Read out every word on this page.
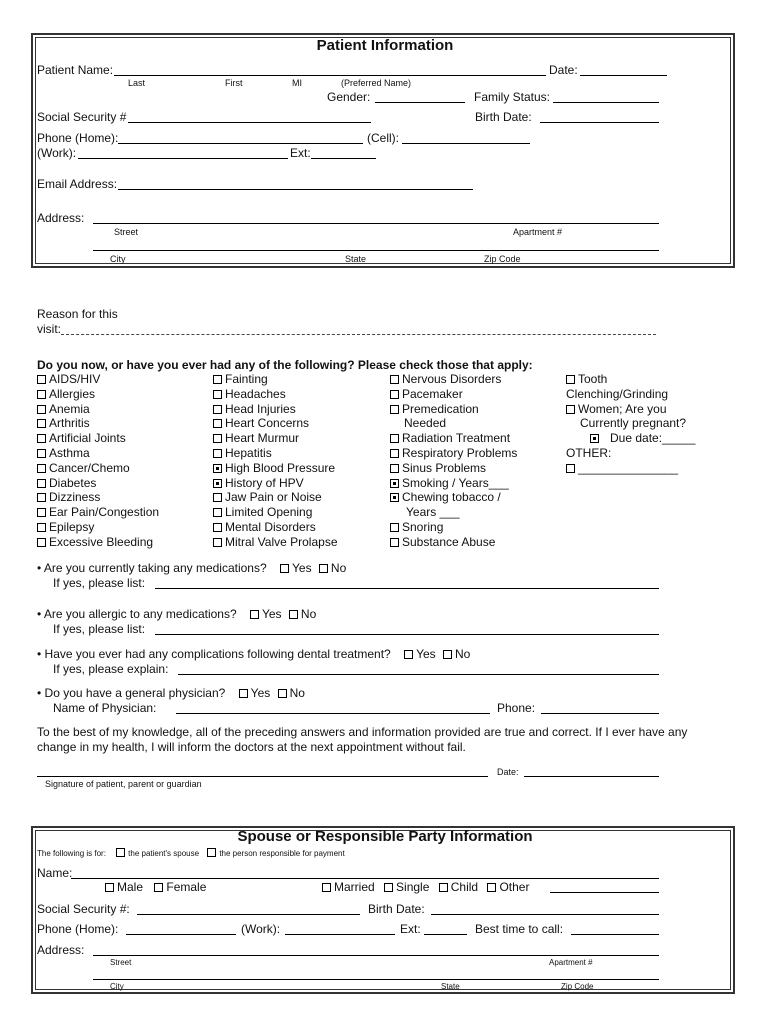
Patient Information
Patient Name:	Date:
Last	First	MI	(Preferred Name)
Gender:	Family Status:
Social Security #	Birth Date:
Phone (Home):	(Cell):
(Work):	Ext:
Email Address:
Address:
Street	Apartment #
City	State	Zip Code
Reason for this
visit:
Do you now, or have you ever had any of the following? Please check those that apply:
AIDS/HIV
Allergies
Anemia
Arthritis
Artificial Joints
Asthma
Cancer/Chemo
Diabetes
Dizziness
Ear Pain/Congestion
Epilepsy
Excessive Bleeding
Fainting
Headaches
Head Injuries
Heart Concerns
Heart Murmur
Hepatitis
High Blood Pressure
History of HPV
Jaw Pain or Noise
Limited Opening
Mental Disorders
Mitral Valve Prolapse
Nervous Disorders
Pacemaker
Premedication
Needed
Radiation Treatment
Respiratory Problems
Sinus Problems
Smoking / Years___
Chewing tobacco /
Years ___
Snoring
Substance Abuse
Tooth
Clenching/Grinding
Women; Are you
Currently pregnant?
Due date:_____
OTHER:
_______________
• Are you currently taking any medications? Yes No
If yes, please list:
• Are you allergic to any medications? Yes No
If yes, please list:
• Have you ever had any complications following dental treatment? Yes No
If yes, please explain:
• Do you have a general physician? Yes No
Name of Physician:	Phone:
To the best of my knowledge, all of the preceding answers and information provided are true and correct. If I ever have any
change in my health, I will inform the doctors at the next appointment without fail.
Date:
Signature of patient, parent or guardian
Spouse or Responsible Party Information
The following is for:	the patient's spouse	the person responsible for payment
Name:
Male Female	Married Single Child Other
Social Security #:	Birth Date:
Phone (Home):	(Work):	Ext:	Best time to call:
Address:
Street	Apartment #
City	State	Zip Code
